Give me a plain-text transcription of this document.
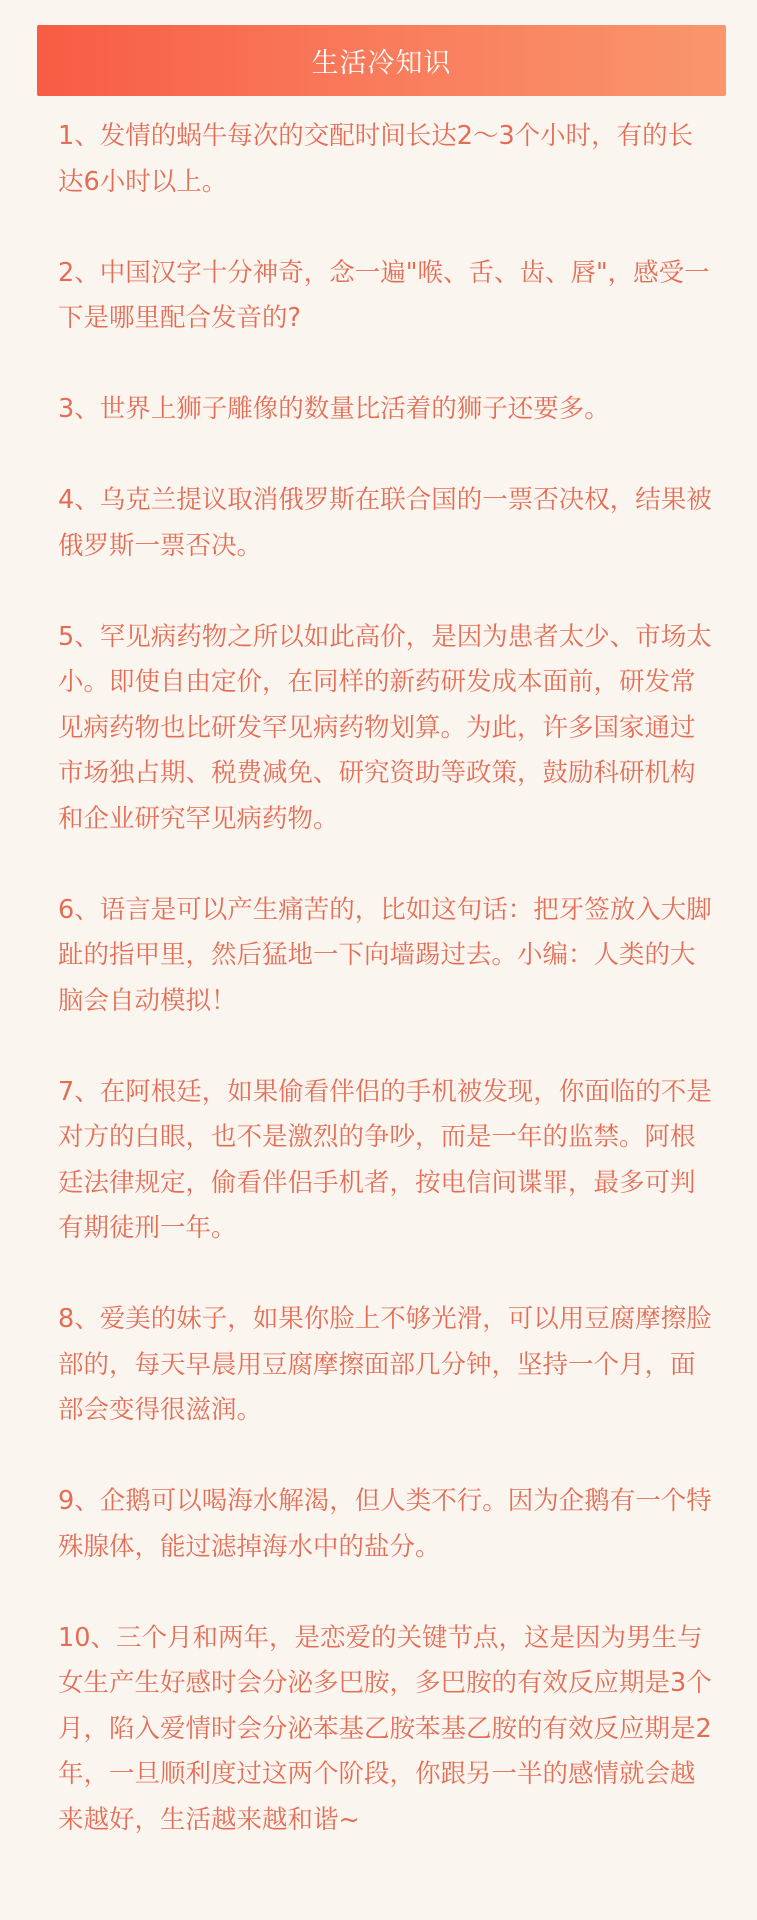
生活冷知识

1、发情的蜗牛每次的交配时间长达2～3个小时，有的长达6小时以上。

2、中国汉字十分神奇，念一遍"喉、舌、齿、唇"，感受一下是哪里配合发音的?

3、世界上狮子雕像的数量比活着的狮子还要多。

4、乌克兰提议取消俄罗斯在联合国的一票否决权，结果被俄罗斯一票否决。

5、罕见病药物之所以如此高价，是因为患者太少、市场太小。即使自由定价，在同样的新药研发成本面前，研发常见病药物也比研发罕见病药物划算。为此，许多国家通过市场独占期、税费减免、研究资助等政策，鼓励科研机构和企业研究罕见病药物。

6、语言是可以产生痛苦的，比如这句话：把牙签放入大脚趾的指甲里，然后猛地一下向墙踢过去。小编：人类的大脑会自动模拟！

7、在阿根廷，如果偷看伴侣的手机被发现，你面临的不是对方的白眼，也不是激烈的争吵，而是一年的监禁。阿根廷法律规定，偷看伴侣手机者，按电信间谍罪，最多可判有期徒刑一年。

8、爱美的妹子，如果你脸上不够光滑，可以用豆腐摩擦脸部的，每天早晨用豆腐摩擦面部几分钟，坚持一个月，面部会变得很滋润。

9、企鹅可以喝海水解渴，但人类不行。因为企鹅有一个特殊腺体，能过滤掉海水中的盐分。

10、三个月和两年，是恋爱的关键节点，这是因为男生与女生产生好感时会分泌多巴胺，多巴胺的有效反应期是3个月，陷入爱情时会分泌苯基乙胺苯基乙胺的有效反应期是2年，一旦顺利度过这两个阶段，你跟另一半的感情就会越来越好，生活越来越和谐~
